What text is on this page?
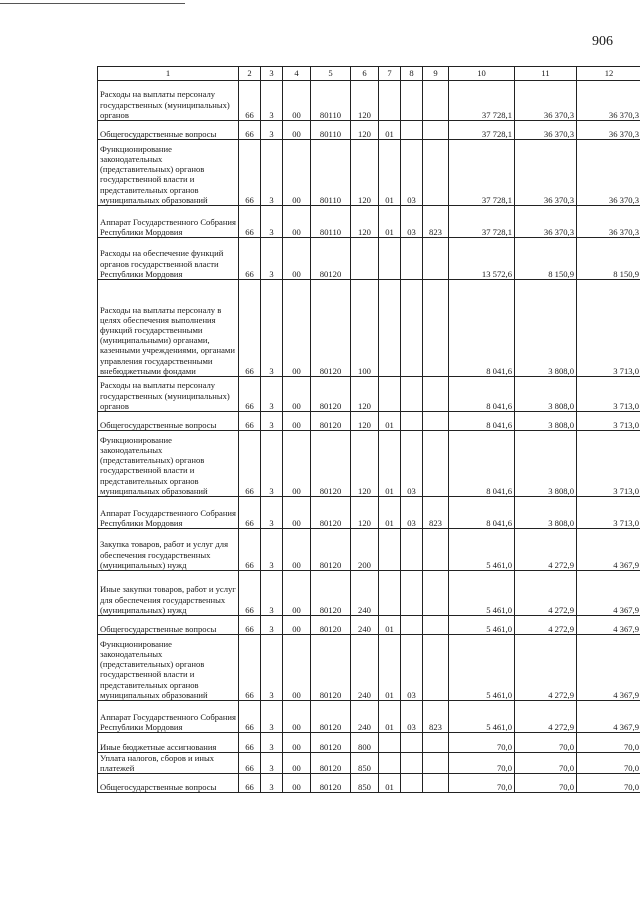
906
1	2	3	4	5	6	7	8	9	10	11	12
Расходы на выплаты персоналу государственных (муниципальных) органов	66	3	00	80110	120				37 728,1	36 370,3	36 370,3
Общегосударственные вопросы	66	3	00	80110	120	01			37 728,1	36 370,3	36 370,3
Функционирование законодательных (представительных) органов государственной власти и представительных органов муниципальных образований	66	3	00	80110	120	01	03		37 728,1	36 370,3	36 370,3
Аппарат Государственного Собрания Республики Мордовия	66	3	00	80110	120	01	03	823	37 728,1	36 370,3	36 370,3
Расходы на обеспечение функций органов государственной власти Республики Мордовия	66	3	00	80120					13 572,6	8 150,9	8 150,9
Расходы на выплаты персоналу в целях обеспечения выполнения функций государственными (муниципальными) органами, казенными учреждениями, органами управления государственными внебюджетными фондами	66	3	00	80120	100				8 041,6	3 808,0	3 713,0
Расходы на выплаты персоналу государственных (муниципальных) органов	66	3	00	80120	120				8 041,6	3 808,0	3 713,0
Общегосударственные вопросы	66	3	00	80120	120	01			8 041,6	3 808,0	3 713,0
Функционирование законодательных (представительных) органов государственной власти и представительных органов муниципальных образований	66	3	00	80120	120	01	03		8 041,6	3 808,0	3 713,0
Аппарат Государственного Собрания Республики Мордовия	66	3	00	80120	120	01	03	823	8 041,6	3 808,0	3 713,0
Закупка товаров, работ и услуг для обеспечения государственных (муниципальных) нужд	66	3	00	80120	200				5 461,0	4 272,9	4 367,9
Иные закупки товаров, работ и услуг для обеспечения государственных (муниципальных) нужд	66	3	00	80120	240				5 461,0	4 272,9	4 367,9
Общегосударственные вопросы	66	3	00	80120	240	01			5 461,0	4 272,9	4 367,9
Функционирование законодательных (представительных) органов государственной власти и представительных органов муниципальных образований	66	3	00	80120	240	01	03		5 461,0	4 272,9	4 367,9
Аппарат Государственного Собрания Республики Мордовия	66	3	00	80120	240	01	03	823	5 461,0	4 272,9	4 367,9
Иные бюджетные ассигнования	66	3	00	80120	800				70,0	70,0	70,0
Уплата налогов, сборов и иных платежей	66	3	00	80120	850				70,0	70,0	70,0
Общегосударственные вопросы	66	3	00	80120	850	01			70,0	70,0	70,0
